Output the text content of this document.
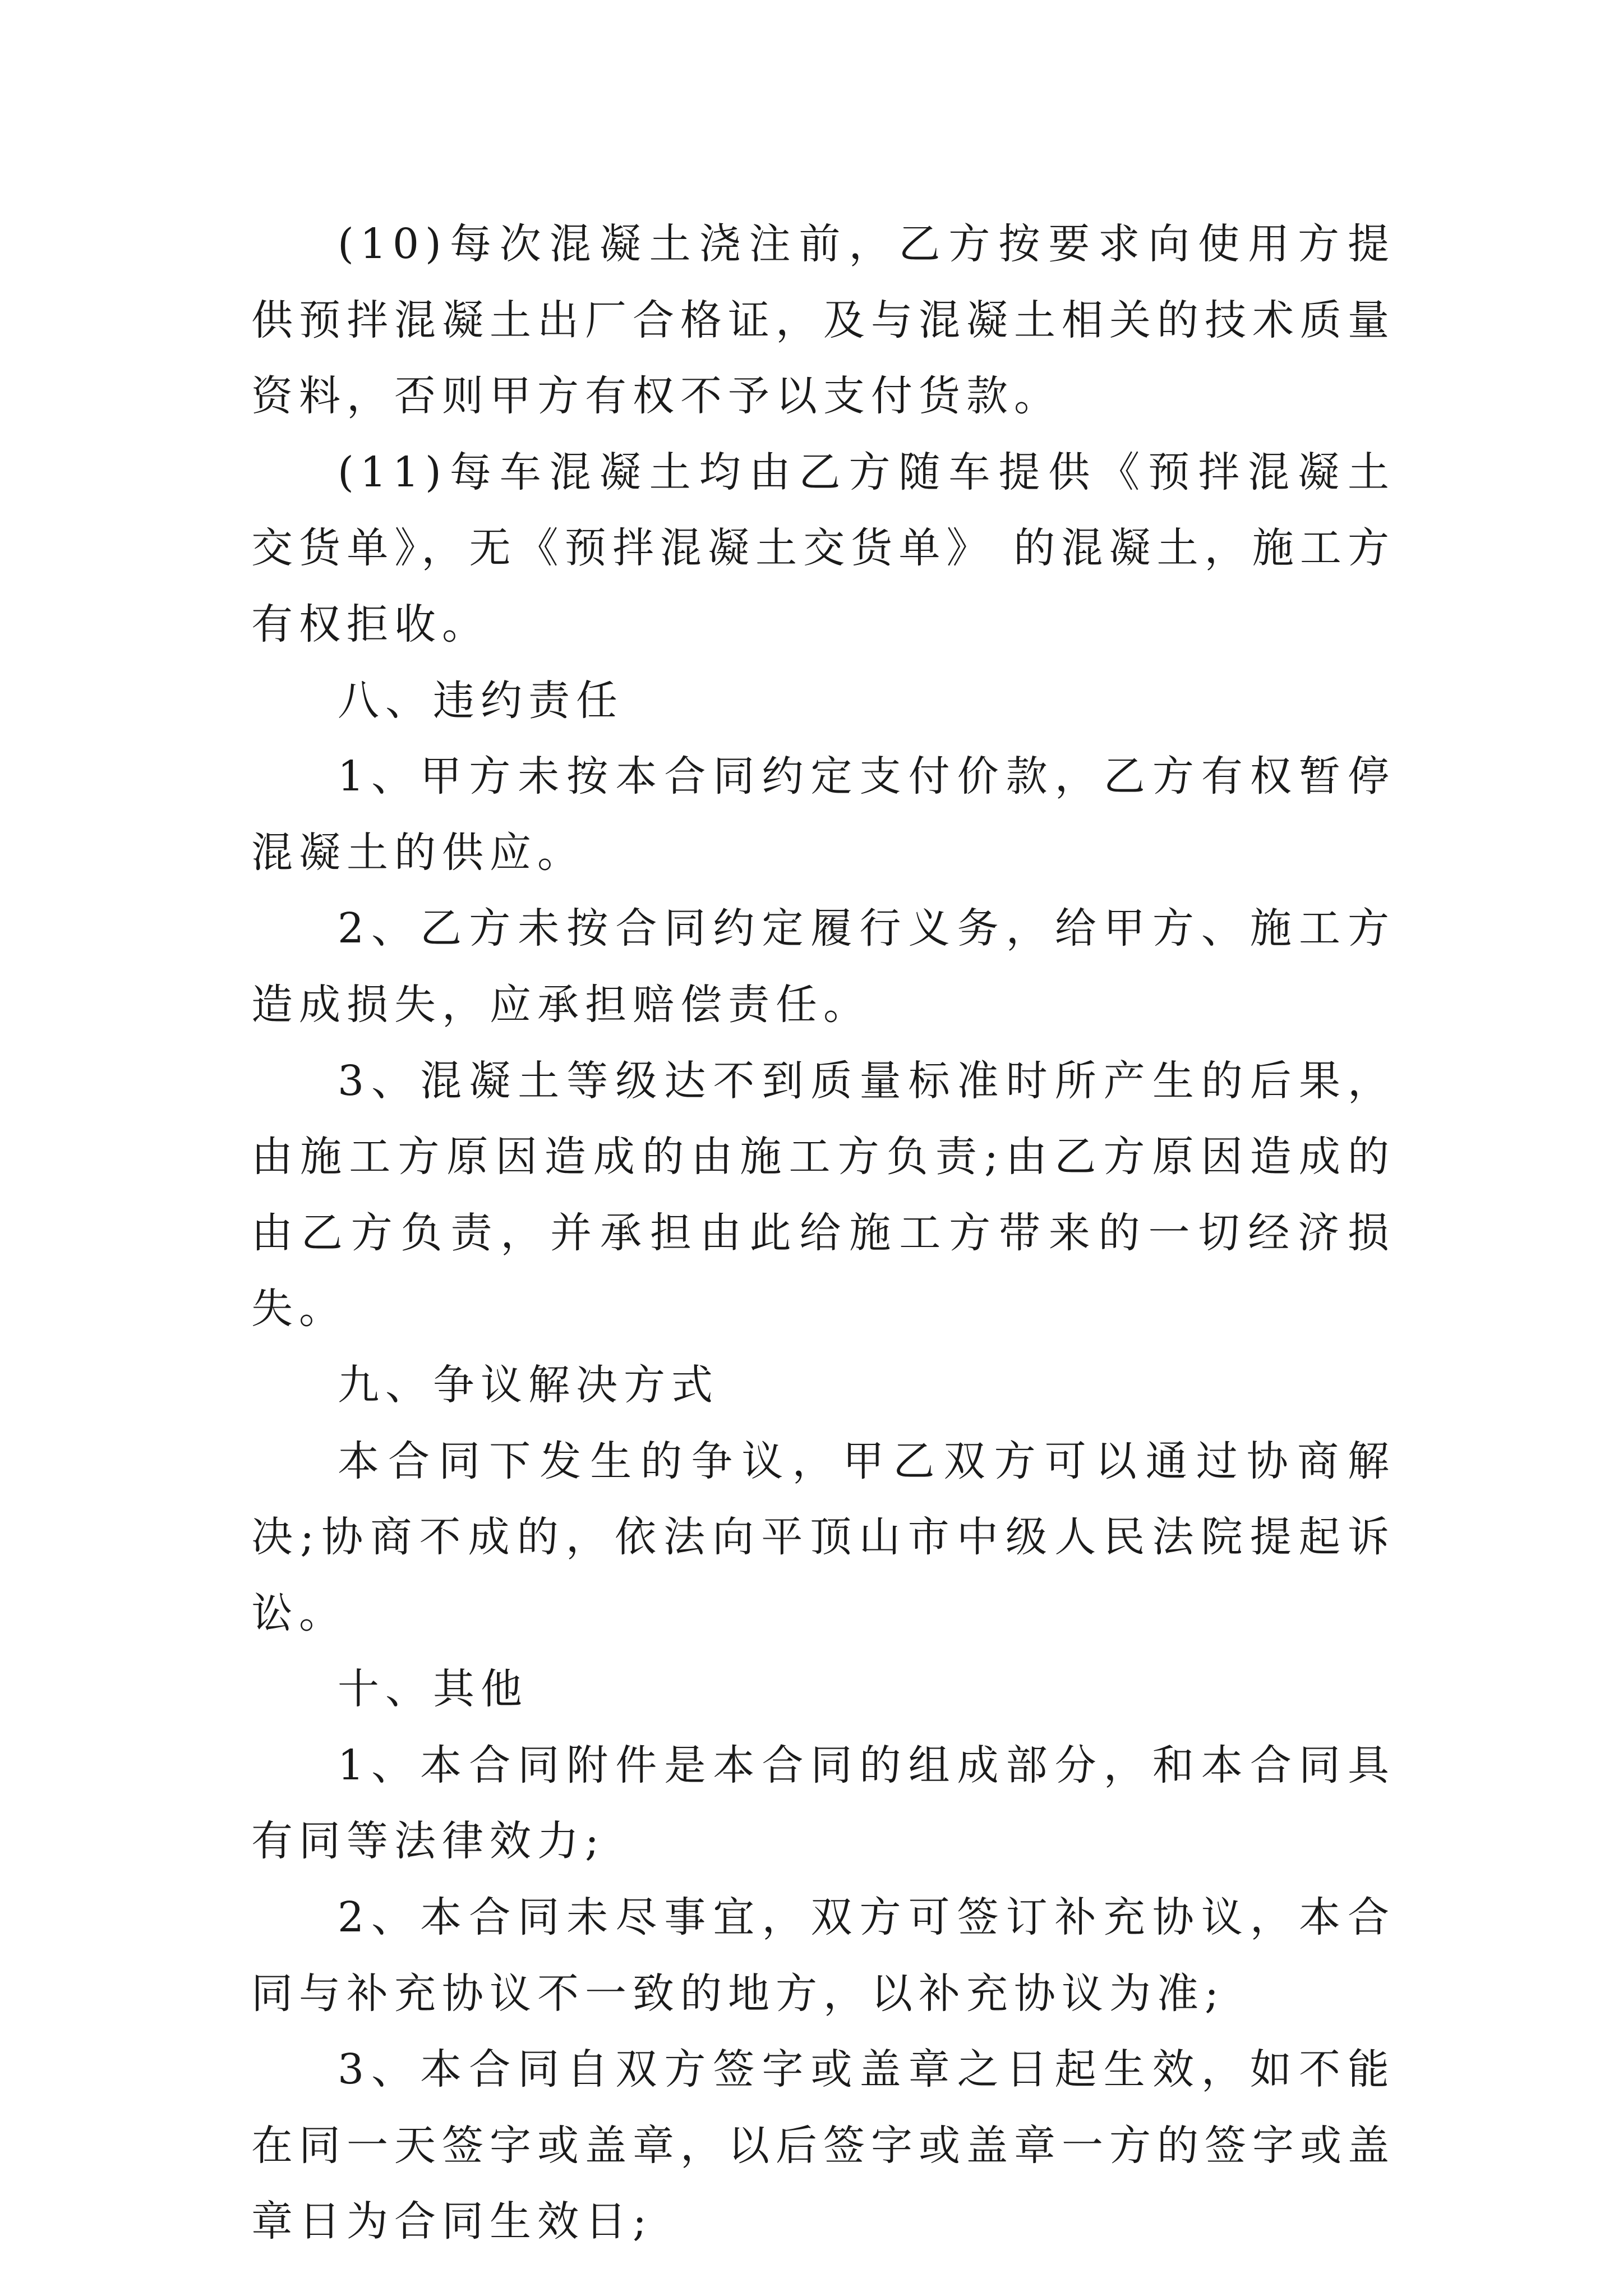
(10)每次混凝土浇注前，乙方按要求向使用方提供预拌混凝土出厂合格证，及与混凝土相关的技术质量资料，否则甲方有权不予以支付货款。

(11)每车混凝土均由乙方随车提供《预拌混凝土交货单》，无《预拌混凝土交货单》 的混凝土，施工方有权拒收。

八、违约责任

1、甲方未按本合同约定支付价款，乙方有权暂停混凝土的供应。

2、乙方未按合同约定履行义务，给甲方、施工方造成损失，应承担赔偿责任。

3、混凝土等级达不到质量标准时所产生的后果，由施工方原因造成的由施工方负责;由乙方原因造成的由乙方负责，并承担由此给施工方带来的一切经济损失。

九、争议解决方式

本合同下发生的争议，甲乙双方可以通过协商解决;协商不成的，依法向平顶山市中级人民法院提起诉讼。

十、其他

1、本合同附件是本合同的组成部分，和本合同具有同等法律效力;

2、本合同未尽事宜，双方可签订补充协议，本合同与补充协议不一致的地方，以补充协议为准;

3、本合同自双方签字或盖章之日起生效，如不能在同一天签字或盖章，以后签字或盖章一方的签字或盖章日为合同生效日;
